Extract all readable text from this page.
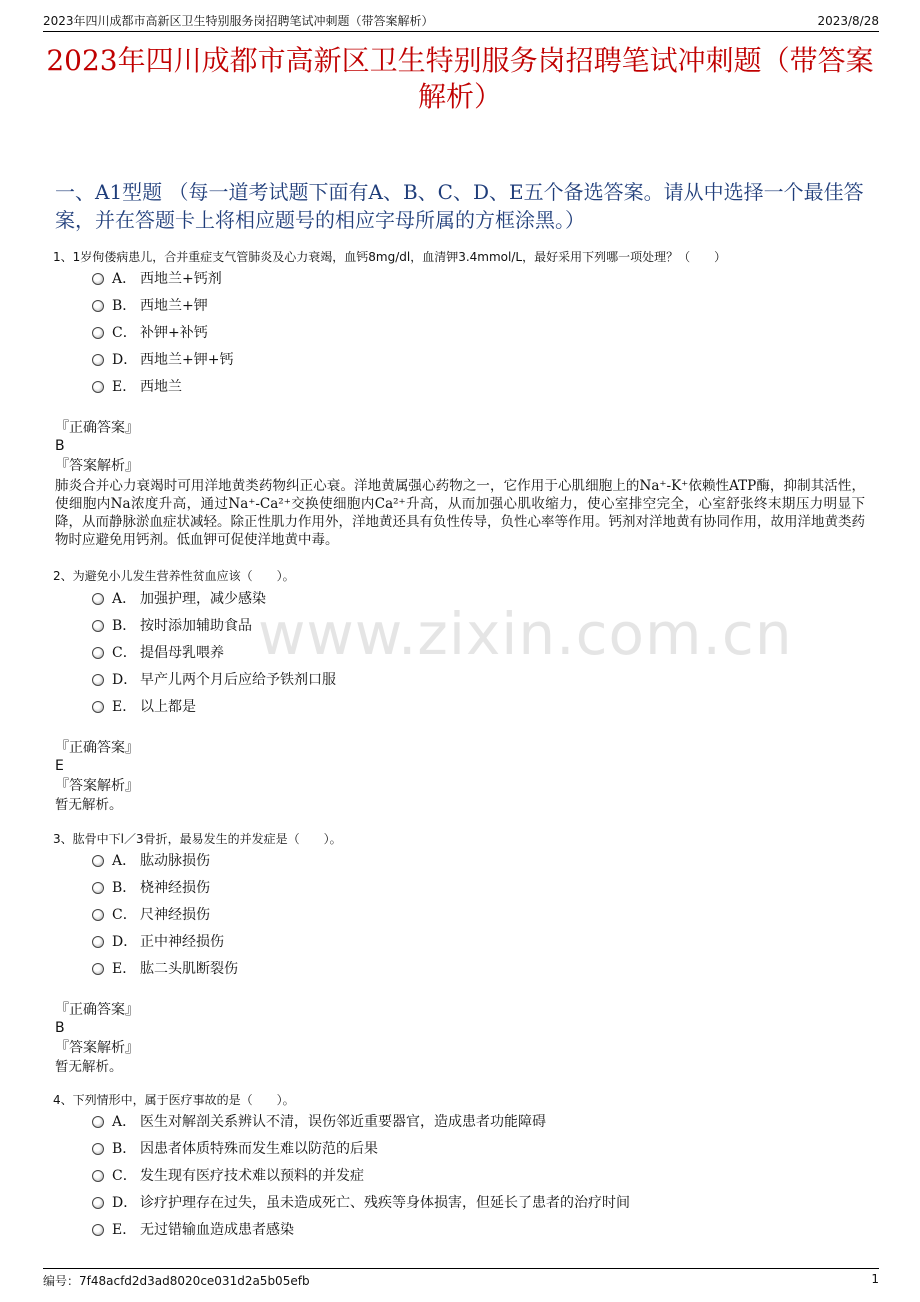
2023年四川成都市高新区卫生特别服务岗招聘笔试冲刺题（带答案解析）	2023/8/28
2023年四川成都市高新区卫生特别服务岗招聘笔试冲刺题（带答案解析）
一、A1型题 （每一道考试题下面有A、B、C、D、E五个备选答案。请从中选择一个最佳答案，并在答题卡上将相应题号的相应字母所属的方框涂黑。）
www.zixin.com.cn
1、1岁佝偻病患儿，合并重症支气管肺炎及心力衰竭，血钙8mg/dl，血清钾3.4mmol/L，最好采用下列哪一项处理？（　　）
A． 西地兰+钙剂
B． 西地兰+钾
C． 补钾+补钙
D． 西地兰+钾+钙
E． 西地兰
『正确答案』
B
『答案解析』
肺炎合并心力衰竭时可用洋地黄类药物纠正心衰。洋地黄属强心药物之一，它作用于心肌细胞上的Na⁺-K⁺依赖性ATP酶，抑制其活性，使细胞内Na浓度升高，通过Na⁺-Ca²⁺交换使细胞内Ca²⁺升高，从而加强心肌收缩力，使心室排空完全，心室舒张终末期压力明显下降，从而静脉淤血症状减轻。除正性肌力作用外，洋地黄还具有负性传导，负性心率等作用。钙剂对洋地黄有协同作用，故用洋地黄类药物时应避免用钙剂。低血钾可促使洋地黄中毒。
2、为避免小儿发生营养性贫血应该（　　）。
A． 加强护理，减少感染
B． 按时添加辅助食品
C． 提倡母乳喂养
D． 早产儿两个月后应给予铁剂口服
E． 以上都是
『正确答案』
E
『答案解析』
暂无解析。
3、肱骨中下l／3骨折，最易发生的并发症是（　　）。
A． 肱动脉损伤
B． 桡神经损伤
C． 尺神经损伤
D． 正中神经损伤
E． 肱二头肌断裂伤
『正确答案』
B
『答案解析』
暂无解析。
4、下列情形中，属于医疗事故的是（　　）。
A． 医生对解剖关系辨认不清，误伤邻近重要器官，造成患者功能障碍
B． 因患者体质特殊而发生难以防范的后果
C． 发生现有医疗技术难以预料的并发症
D． 诊疗护理存在过失，虽未造成死亡、残疾等身体损害，但延长了患者的治疗时间
E． 无过错输血造成患者感染
编号：7f48acfd2d3ad8020ce031d2a5b05efb	1
